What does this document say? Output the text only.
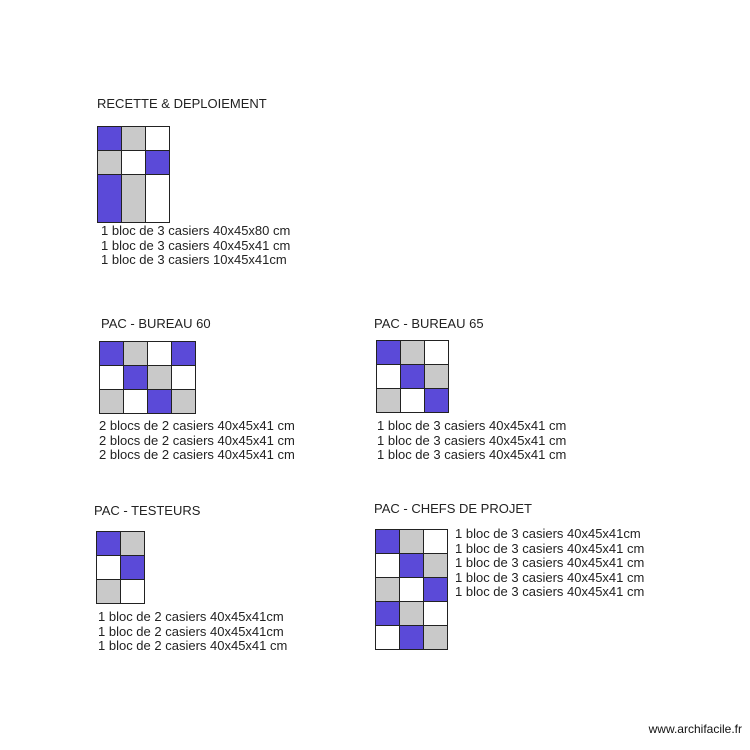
RECETTE & DEPLOIEMENT
1 bloc de 3 casiers 40x45x80 cm
1 bloc de 3 casiers 40x45x41 cm
1 bloc de 3 casiers 10x45x41cm
PAC - BUREAU 60
2 blocs de 2 casiers 40x45x41 cm
2 blocs de 2 casiers 40x45x41 cm
2 blocs de 2 casiers 40x45x41 cm
PAC - BUREAU 65
1 bloc de 3 casiers 40x45x41 cm
1 bloc de 3 casiers 40x45x41 cm
1 bloc de 3 casiers 40x45x41 cm
PAC - TESTEURS
1 bloc de 2 casiers 40x45x41cm
1 bloc de 2 casiers 40x45x41cm
1 bloc de 2 casiers 40x45x41 cm
PAC - CHEFS DE PROJET
1 bloc de 3 casiers 40x45x41cm
1 bloc de 3 casiers 40x45x41 cm
1 bloc de 3 casiers 40x45x41 cm
1 bloc de 3 casiers 40x45x41 cm
1 bloc de 3 casiers 40x45x41 cm
www.archifacile.fr
